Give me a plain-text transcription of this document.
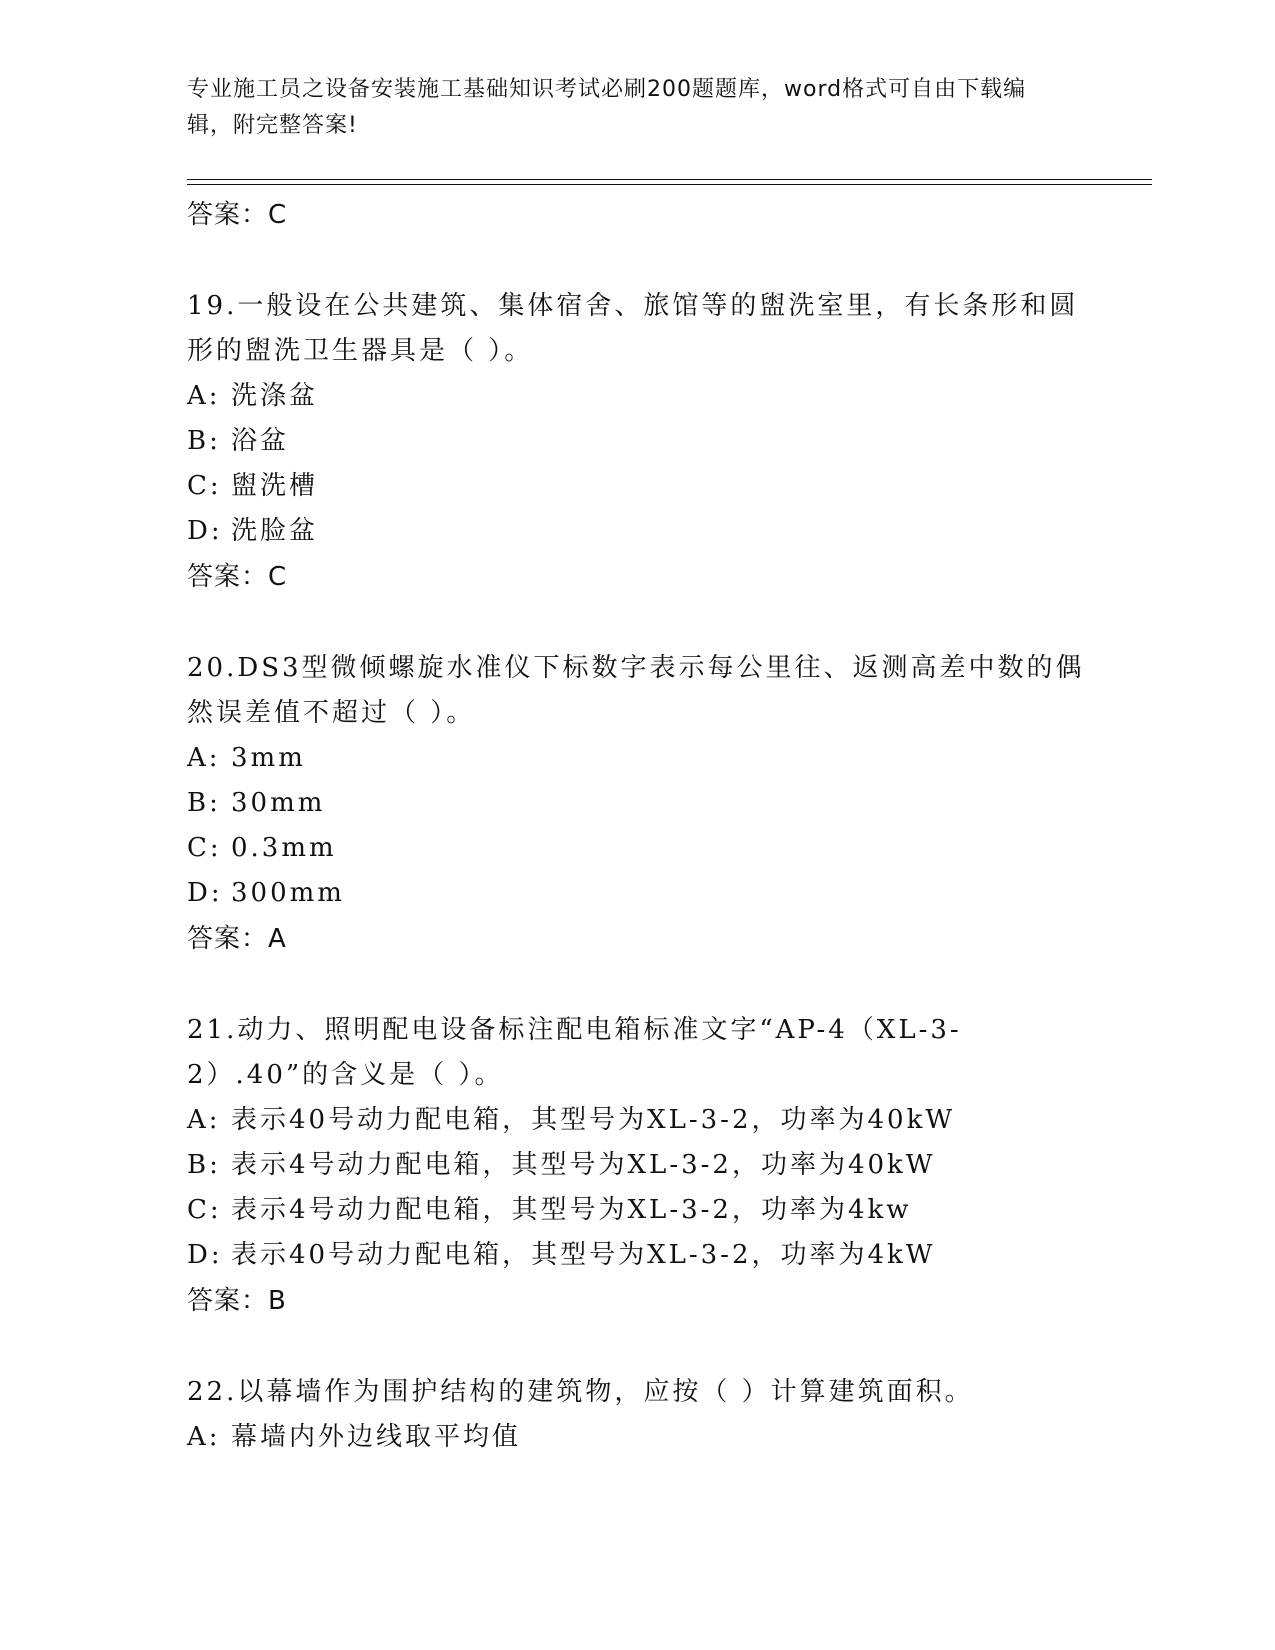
专业施工员之设备安装施工基础知识考试必刷200题题库，word格式可自由下载编辑，附完整答案!
答案：C
19.一般设在公共建筑、集体宿舍、旅馆等的盥洗室里，有长条形和圆形的盥洗卫生器具是（ ）。
A: 洗涤盆
B: 浴盆
C: 盥洗槽
D: 洗脸盆
答案：C
20.DS3型微倾螺旋水准仪下标数字表示每公里往、返测高差中数的偶然误差值不超过（ ）。
A: 3mm
B: 30mm
C: 0.3mm
D: 300mm
答案：A
21.动力、照明配电设备标注配电箱标准文字“AP-4（XL-3-2）.40”的含义是（ ）。
A: 表示40号动力配电箱，其型号为XL-3-2，功率为40kW
B: 表示4号动力配电箱，其型号为XL-3-2，功率为40kW
C: 表示4号动力配电箱，其型号为XL-3-2，功率为4kw
D: 表示40号动力配电箱，其型号为XL-3-2，功率为4kW
答案：B
22.以幕墙作为围护结构的建筑物，应按（ ）计算建筑面积。
A: 幕墙内外边线取平均值
